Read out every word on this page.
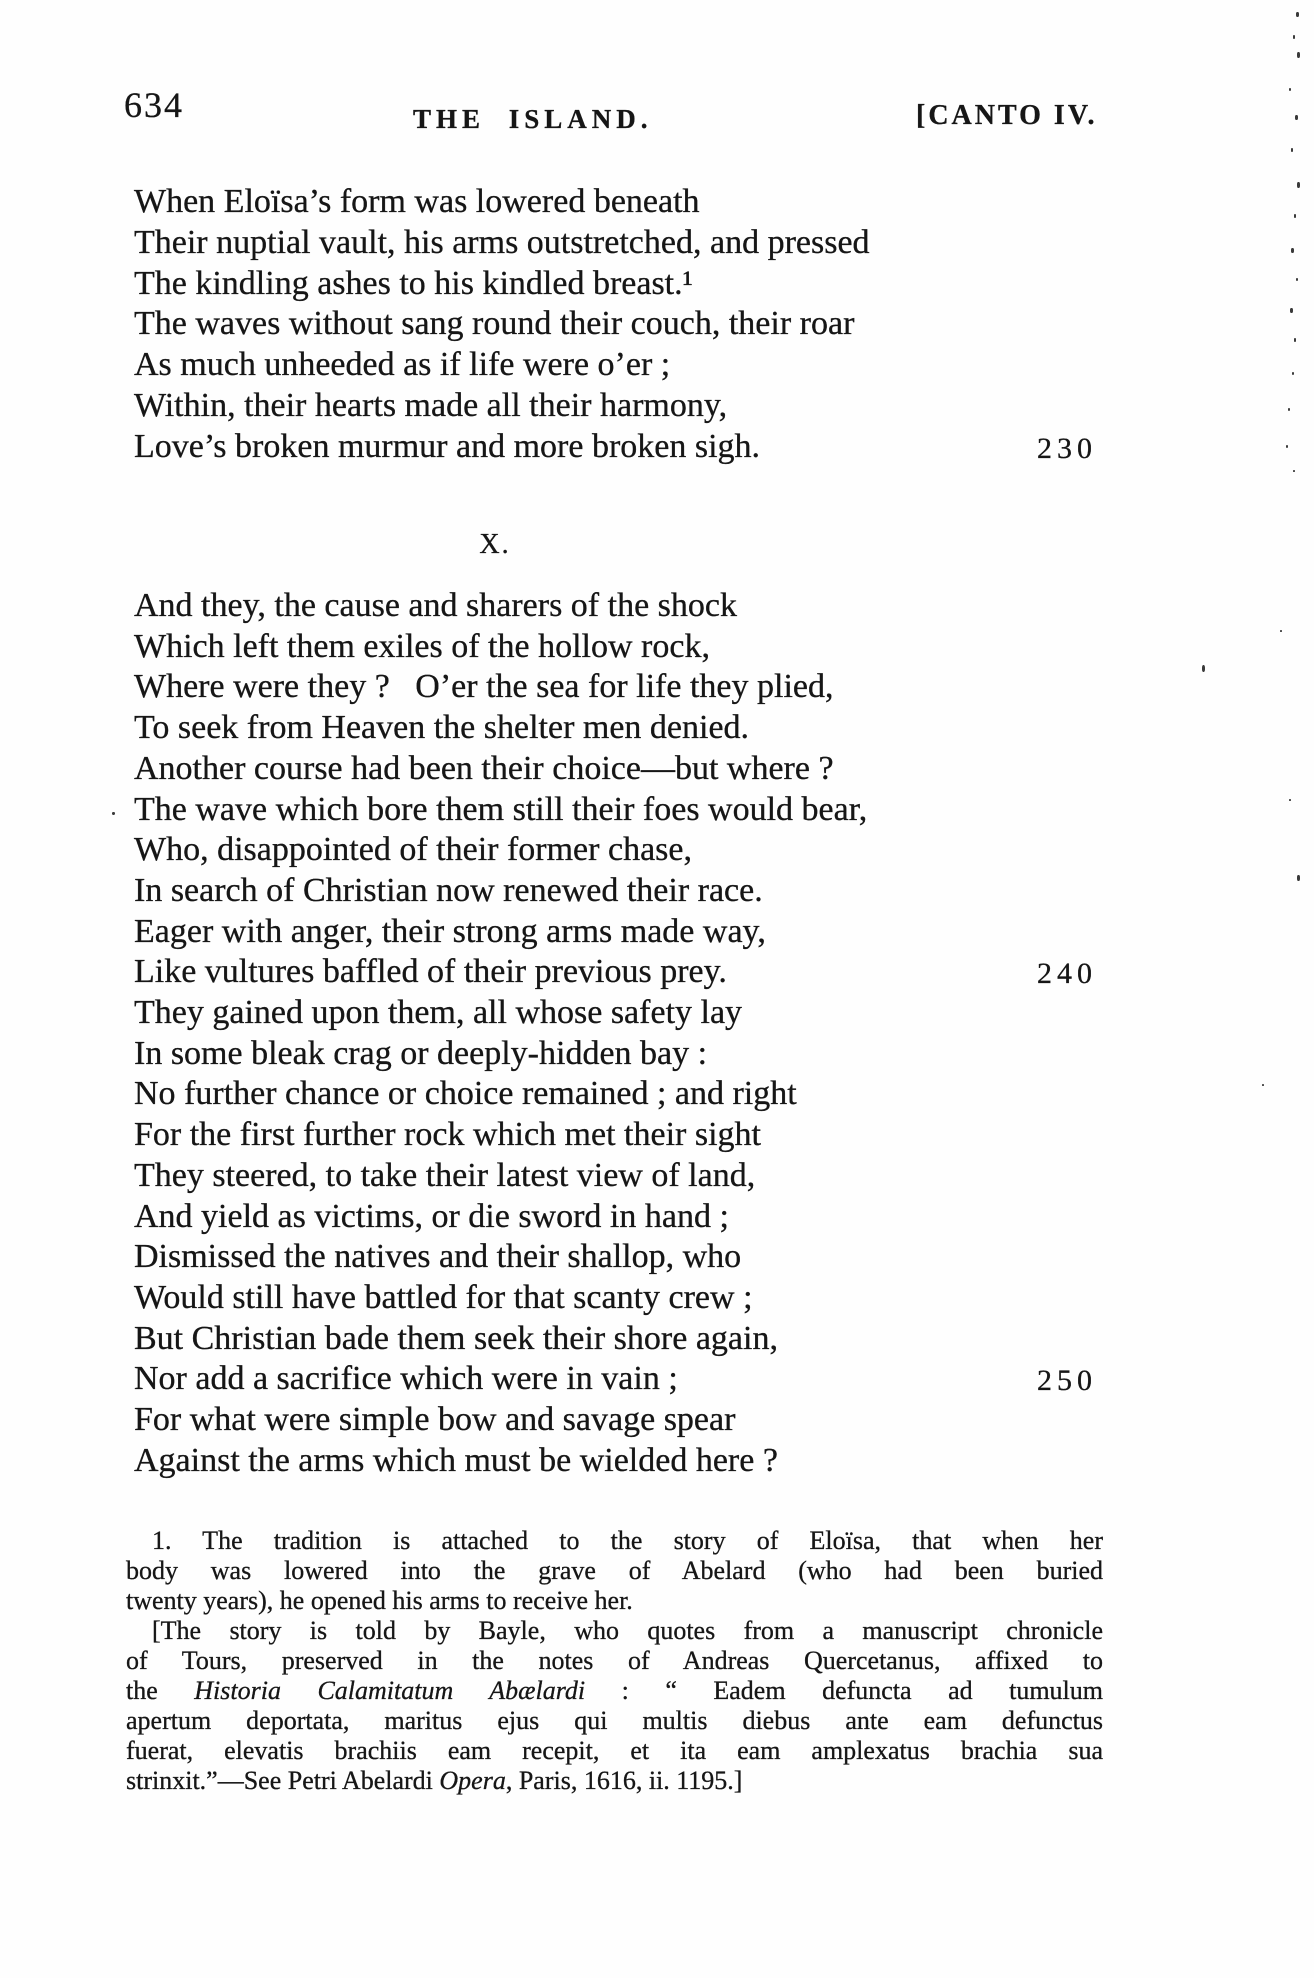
634	THE ISLAND.	[CANTO IV.
When Eloïsa’s form was lowered beneath
Their nuptial vault, his arms outstretched, and pressed
The kindling ashes to his kindled breast.¹
The waves without sang round their couch, their roar
As much unheeded as if life were o’er ;
Within, their hearts made all their harmony,
Love’s broken murmur and more broken sigh.	230
X.
And they, the cause and sharers of the shock
Which left them exiles of the hollow rock,
Where were they ?   O’er the sea for life they plied,
To seek from Heaven the shelter men denied.
Another course had been their choice—but where ?
The wave which bore them still their foes would bear,
Who, disappointed of their former chase,
In search of Christian now renewed their race.
Eager with anger, their strong arms made way,
Like vultures baffled of their previous prey.	240
They gained upon them, all whose safety lay
In some bleak crag or deeply-hidden bay :
No further chance or choice remained ; and right
For the first further rock which met their sight
They steered, to take their latest view of land,
And yield as victims, or die sword in hand ;
Dismissed the natives and their shallop, who
Would still have battled for that scanty crew ;
But Christian bade them seek their shore again,
Nor add a sacrifice which were in vain ;	250
For what were simple bow and savage spear
Against the arms which must be wielded here ?
1. The tradition is attached to the story of Eloïsa, that when her
body was lowered into the grave of Abelard (who had been buried
twenty years), he opened his arms to receive her.
[The story is told by Bayle, who quotes from a manuscript chronicle
of Tours, preserved in the notes of Andreas Quercetanus, affixed to
the Historia Calamitatum Abælardi : “ Eadem defuncta ad tumulum
apertum deportata, maritus ejus qui multis diebus ante eam defunctus
fuerat, elevatis brachiis eam recepit, et ita eam amplexatus brachia sua
strinxit.”—See Petri Abelardi Opera, Paris, 1616, ii. 1195.]
